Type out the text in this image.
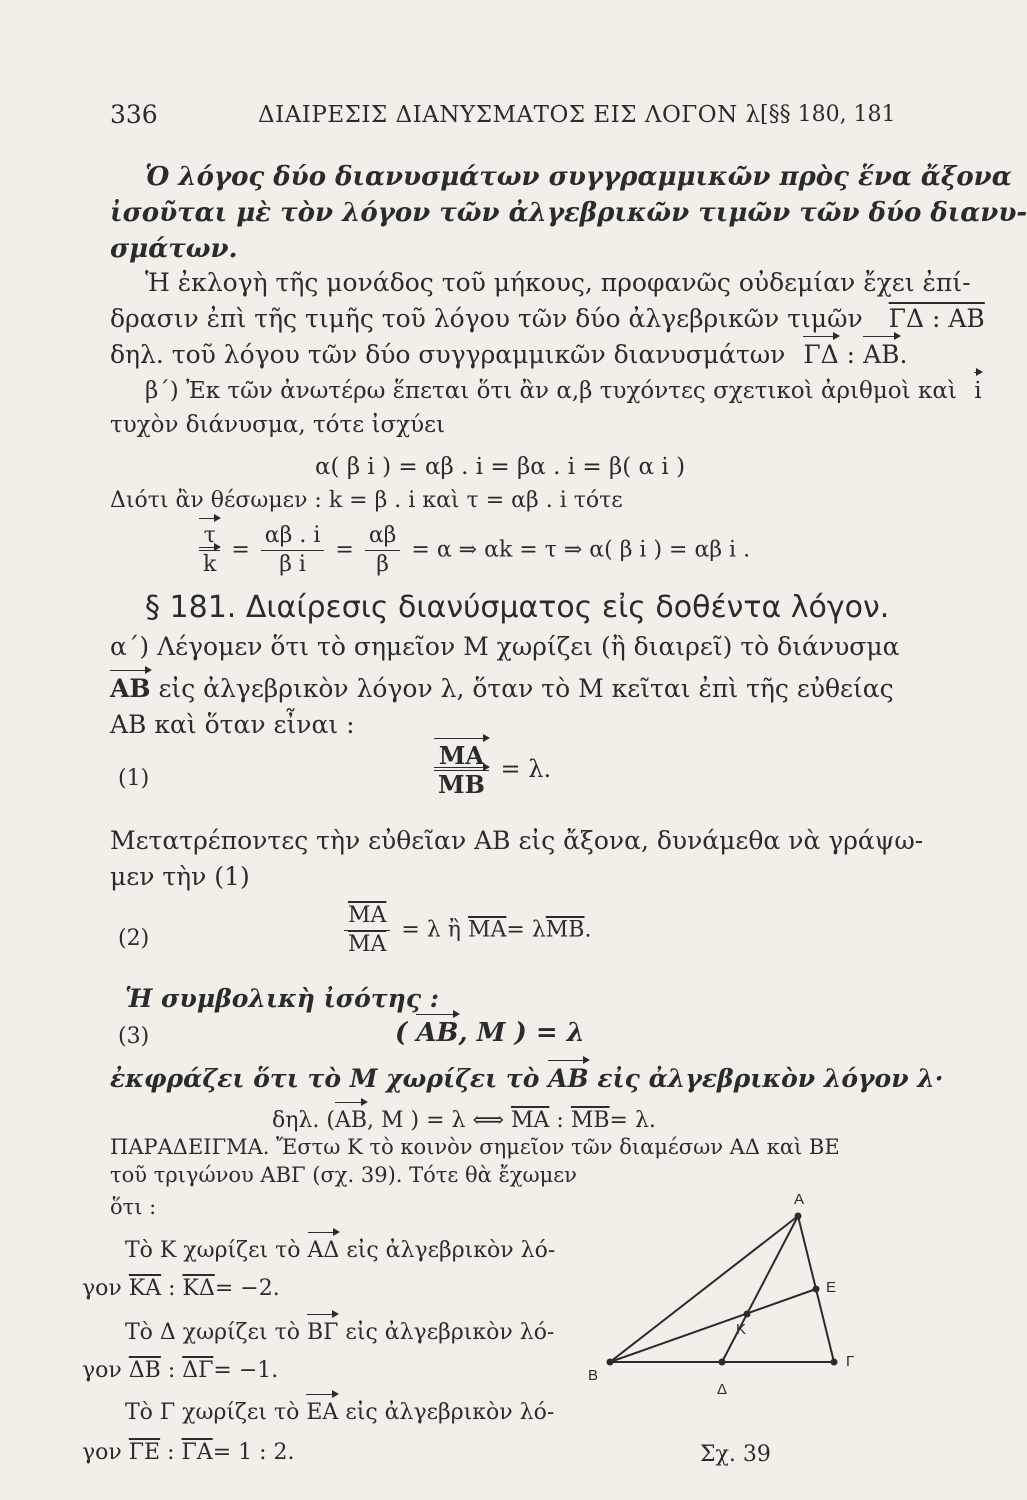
336	ΔΙΑΙΡΕΣΙΣ ΔΙΑΝΥΣΜΑΤΟΣ ΕΙΣ ΛΟΓΟΝ λ [§§ 180, 181
Ὁ λόγος δύο διανυσμάτων συγγραμμικῶν πρὸς ἕνα ἄξονα
ἰσοῦται μὲ τὸν λόγον τῶν ἀλγεβρικῶν τιμῶν τῶν δύο διανυ-
σμάτων.
Ἡ ἐκλογὴ τῆς μονάδος τοῦ μήκους, προφανῶς οὐδεμίαν ἔχει ἐπί-
δρασιν ἐπὶ τῆς τιμῆς τοῦ λόγου τῶν δύο ἀλγεβρικῶν τιμῶν ΓΔ : ΑΒ
δηλ. τοῦ λόγου τῶν δύο συγγραμμικῶν διανυσμάτων ΓΔ : ΑΒ.
β΄) Ἐκ τῶν ἀνωτέρω ἕπεται ὅτι ἂν α,β τυχόντες σχετικοὶ ἀριθμοὶ καὶ i
τυχὸν διάνυσμα, τότε ἰσχύει
α( β i ) = αβ . i = βα . i = β( α i )
Διότι ἂν θέσωμεν : k = β . i καὶ τ = αβ . i τότε
$\frac{\tau}{k} = \frac{\alpha\beta . i}{\text{β i}} = \frac{\alpha\beta}{\beta} = \alpha$ ⇒ αk = τ ⇒ α( β i ) = αβ i .
§ 181. Διαίρεσις διανύσματος εἰς δοθέντα λόγον.
α΄) Λέγομεν ὅτι τὸ σημεῖον Μ χωρίζει (ἢ διαιρεῖ) τὸ διάνυσμα
ΑΒ εἰς ἀλγεβρικὸν λόγον λ, ὅταν τὸ Μ κεῖται ἐπὶ τῆς εὐθείας
ΑΒ καὶ ὅταν εἶναι :
(1)	$\frac{MA}{MB} = \lambda$.
Μετατρέποντες τὴν εὐθεῖαν ΑΒ εἰς ἄξονα, δυνάμεθα νὰ γράψω-
μεν τὴν (1)
(2)	$\frac{\overline{MA}}{MA} = \lambda$ ἢ $\overline{MA}= \lambda\overline{MB}$.
Ἡ συμβολικὴ ἰσότης :
(3)	( ΑΒ, Μ ) = λ
ἐκφράζει ὅτι τὸ Μ χωρίζει τὸ ΑΒ εἰς ἀλγεβρικὸν λόγον λ·
δηλ. (ΑΒ, Μ ) = λ ⟺ $\overline{MA}$ : $\overline{MB}= \lambda$.
ΠΑΡΑΔΕΙΓΜΑ. Ἔστω Κ τὸ κοινὸν σημεῖον τῶν διαμέσων ΑΔ καὶ ΒΕ
τοῦ τριγώνου ΑΒΓ (σχ. 39). Τότε θὰ ἔχωμεν
ὅτι :
Τὸ Κ χωρίζει τὸ ΑΔ εἰς ἀλγεβρικὸν λό-
γον $\overline{KA}$ : $\overline{K\Delta}= -2$.
Τὸ Δ χωρίζει τὸ ΒΓ εἰς ἀλγεβρικὸν λό-
γον $\overline{\Delta B}$ : $\overline{\Delta\Gamma}= -1$.
Τὸ Γ χωρίζει τὸ ΕΑ εἰς ἀλγεβρικὸν λό-
γον $\overline{\Gamma E}$ : $\overline{\Gamma A}= 1$ : 2.
Α
Β
Γ
Δ
Ε
Κ
Σχ. 39
